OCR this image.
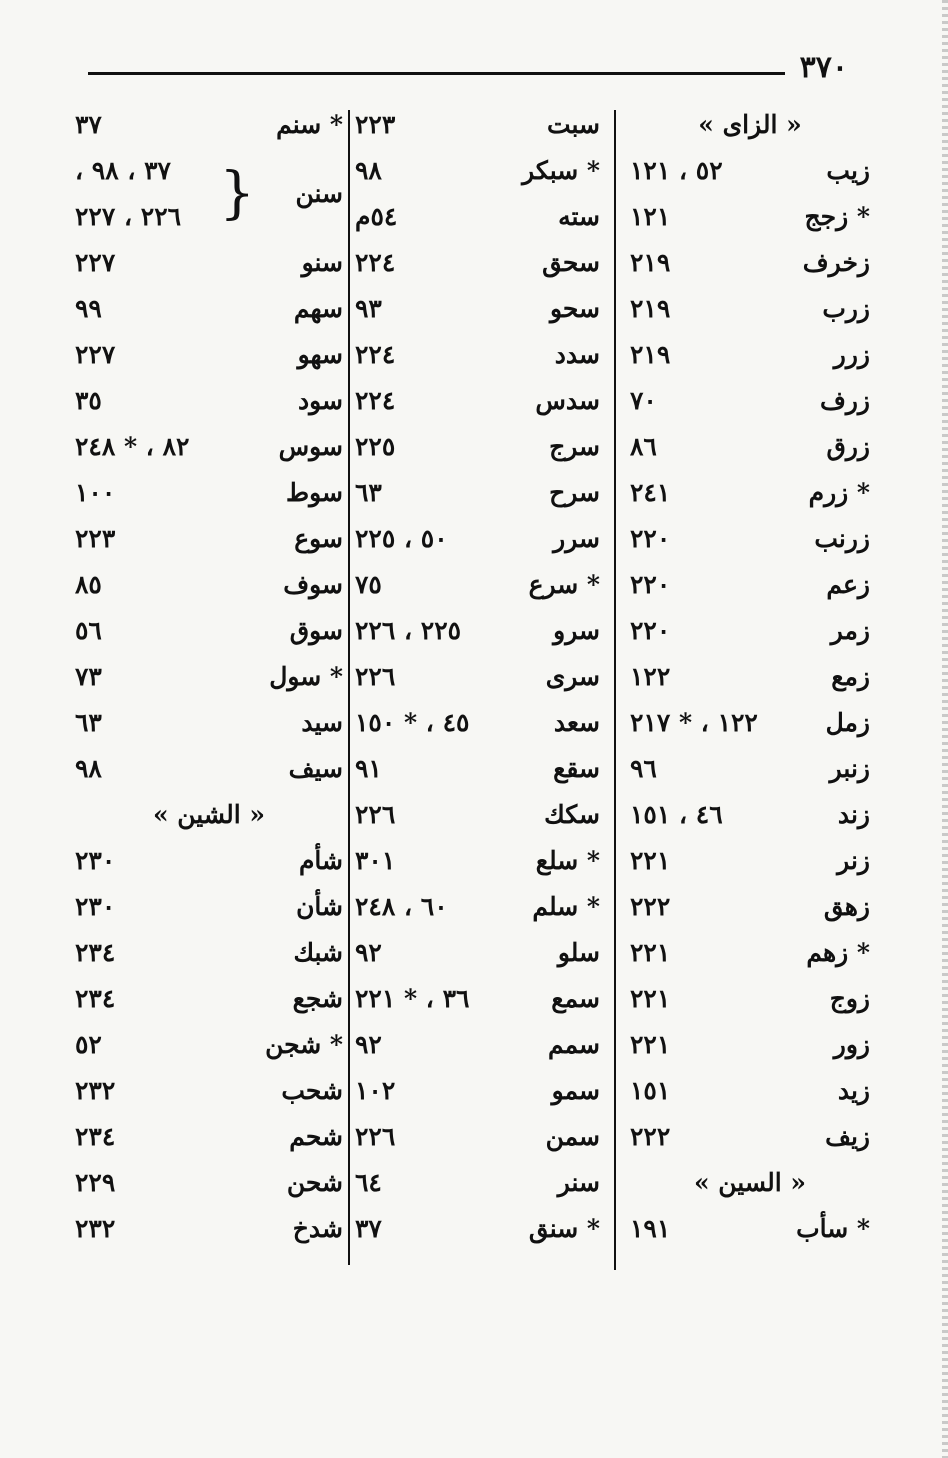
٣٧٠
« الزاى »
زيب
٥٢ ، ١٢١
* زجج
١٢١
زخرف
٢١٩
زرب
٢١٩
زرر
٢١٩
زرف
٧٠
زرق
٨٦
* زرم
٢٤١
زرنب
٢٢٠
زعم
٢٢٠
زمر
٢٢٠
زمع
١٢٢
زمل
١٢٢ ، * ٢١٧
زنبر
٩٦
زند
٤٦ ، ١٥١
زنر
٢٢١
زهق
٢٢٢
* زهم
٢٢١
زوج
٢٢١
زور
٢٢١
زيد
١٥١
زيف
٢٢٢
« السين »
* سأب
١٩١
سبت
٢٢٣
* سبكر
٩٨
سته
٥٤م
سحق
٢٢٤
سحو
٩٣
سدد
٢٢٤
سدس
٢٢٤
سرج
٢٢٥
سرح
٦٣
سرر
٥٠ ، ٢٢٥
* سرع
٧٥
سرو
٢٢٥ ، ٢٢٦
سرى
٢٢٦
سعد
٤٥ ، * ١٥٠
سقع
٩١
سكك
٢٢٦
* سلع
٣٠١
* سلم
٦٠ ، ٢٤٨
سلو
٩٢
سمع
٣٦ ، * ٢٢١
سمم
٩٢
سمو
١٠٢
سمن
٢٢٦
سنر
٦٤
* سنق
٣٧
* سنم
٣٧
سنن
٣٧ ، ٩٨ ،
٢٢٦ ، ٢٢٧ }
سنو
٢٢٧
سهم
٩٩
سهو
٢٢٧
سود
٣٥
سوس
٨٢ ، * ٢٤٨
سوط
١٠٠
سوع
٢٢٣
سوف
٨٥
سوق
٥٦
* سول
٧٣
سيد
٦٣
سيف
٩٨
« الشين »
شأم
٢٣٠
شأن
٢٣٠
شبك
٢٣٤
شجع
٢٣٤
* شجن
٥٢
شحب
٢٣٢
شحم
٢٣٤
شحن
٢٢٩
شدخ
٢٣٢
